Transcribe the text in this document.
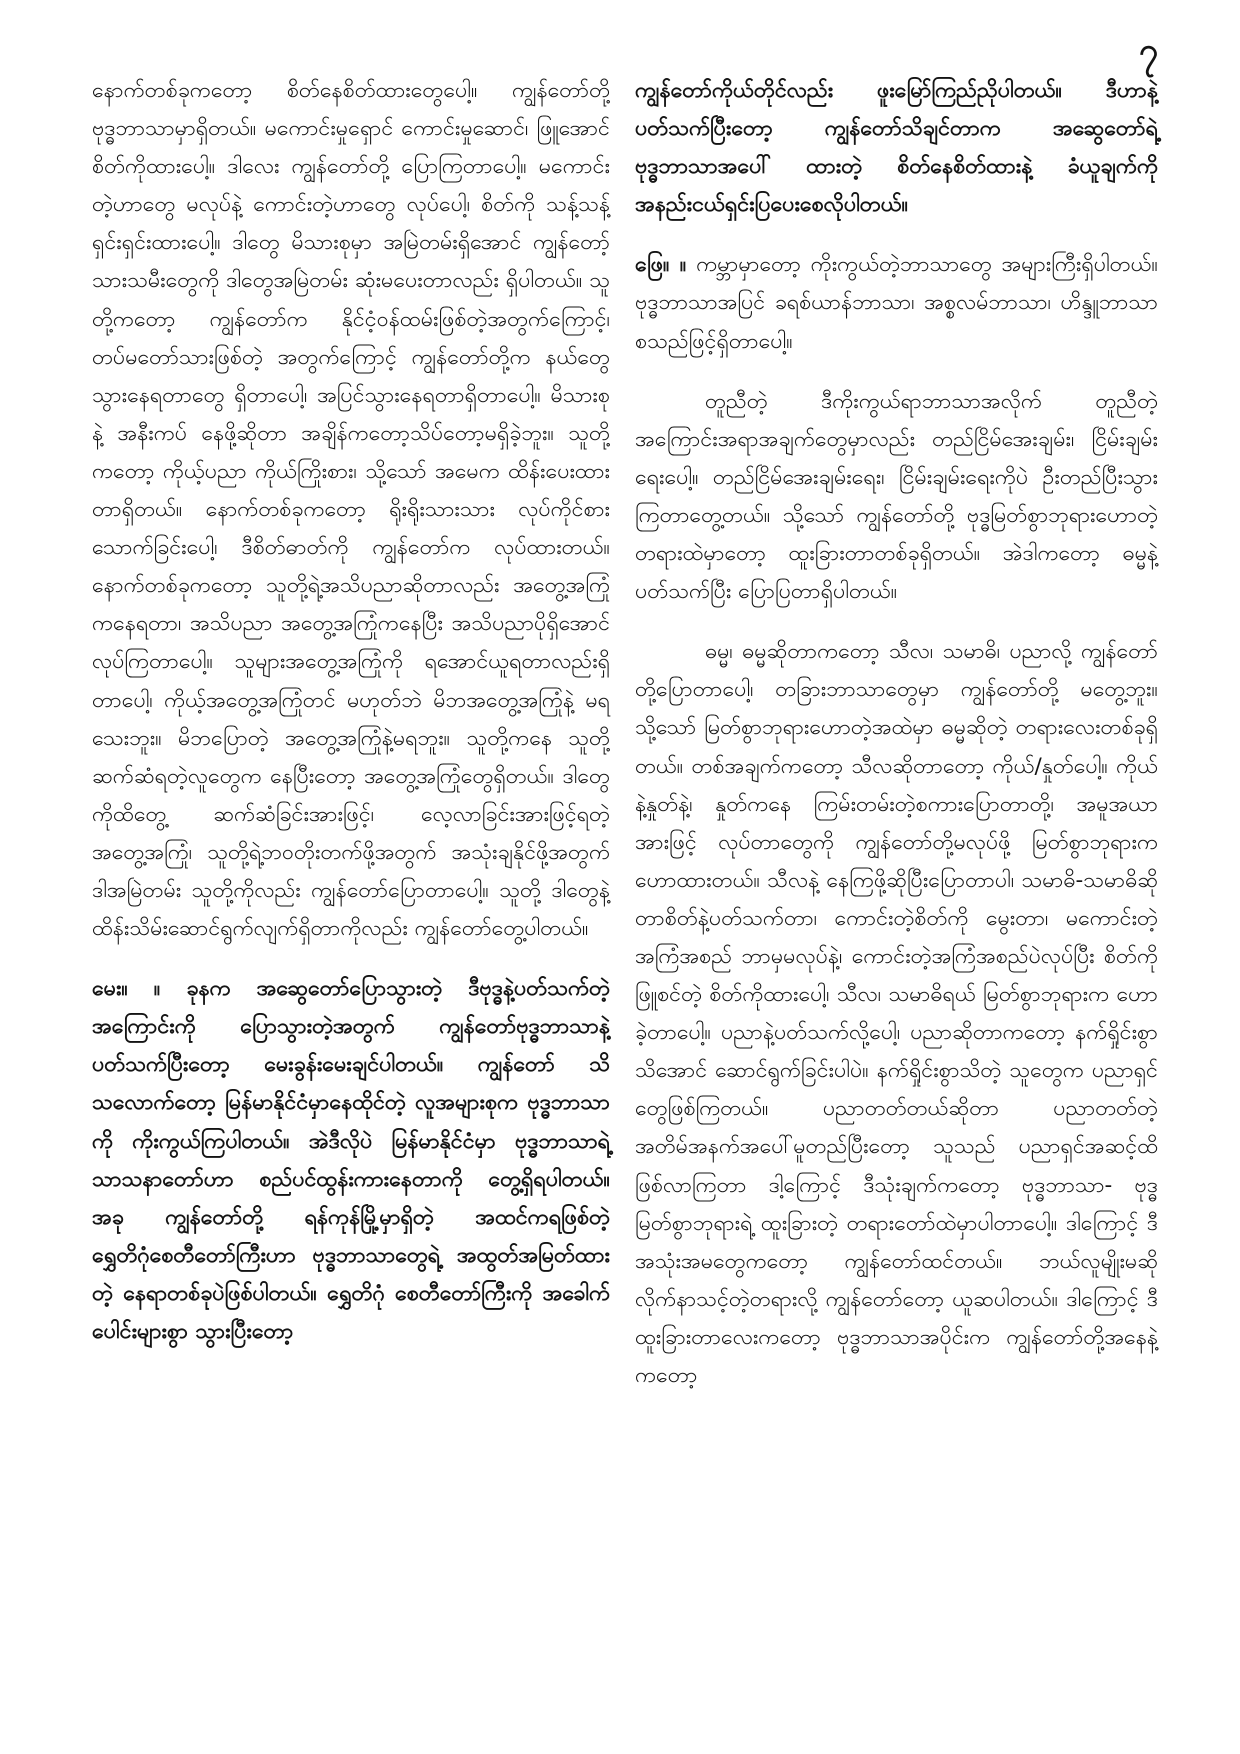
၇

နောက်တစ်ခုကတော့ စိတ်နေစိတ်ထားတွေပေါ့။ ကျွန်တော်တို့ ဗုဒ္ဓဘာသာမှာရှိတယ်။ မကောင်းမှုရှောင် ကောင်းမှုဆောင်၊ ဖြူအောင်စိတ်ကိုထားပေါ့။ ဒါလေး ကျွန်တော်တို့ ပြောကြတာပေါ့။ မကောင်းတဲ့ဟာတွေ မလုပ်နဲ့ ကောင်းတဲ့ဟာတွေ လုပ်ပေါ့၊ စိတ်ကို သန့်သန့်ရှင်းရှင်းထားပေါ့။ ဒါတွေ မိသားစုမှာ အမြဲတမ်းရှိအောင် ကျွန်တော့်သားသမီးတွေကို ဒါတွေအမြဲတမ်း ဆုံးမပေးတာလည်း ရှိပါတယ်။ သူတို့ကတော့ ကျွန်တော်က နိုင်ငံ့ဝန်ထမ်းဖြစ်တဲ့အတွက်ကြောင့်၊ တပ်မတော်သားဖြစ်တဲ့ အတွက်ကြောင့် ကျွန်တော်တို့က နယ်တွေသွားနေရတာတွေ ရှိတာပေါ့၊ အပြင်သွားနေရတာရှိတာပေါ့။ မိသားစုနဲ့ အနီးကပ် နေဖို့ဆိုတာ အချိန်ကတော့သိပ်တော့မရှိခဲ့ဘူး။ သူတို့ကတော့ ကိုယ့်ပညာ ကိုယ်ကြိုးစား၊ သို့သော် အမေက ထိန်းပေးထားတာရှိတယ်။ နောက်တစ်ခုကတော့ ရိုးရိုးသားသား လုပ်ကိုင်စားသောက်ခြင်းပေါ့၊ ဒီစိတ်ဓာတ်ကို ကျွန်တော်က လုပ်ထားတယ်။ နောက်တစ်ခုကတော့ သူတို့ရဲ့အသိပညာဆိုတာလည်း အတွေ့အကြုံကနေရတာ၊ အသိပညာ အတွေ့အကြုံကနေပြီး အသိပညာပိုရှိအောင် လုပ်ကြတာပေါ့။ သူများအတွေ့အကြုံကို ရအောင်ယူရတာလည်းရှိတာပေါ့၊ ကိုယ့်အတွေ့အကြုံတင် မဟုတ်ဘဲ မိဘအတွေ့အကြုံနဲ့ မရသေးဘူး။ မိဘပြောတဲ့ အတွေ့အကြုံနဲ့မရဘူး။ သူတို့ကနေ သူတို့ဆက်ဆံရတဲ့လူတွေက နေပြီးတော့ အတွေ့အကြုံတွေရှိတယ်။ ဒါတွေကိုထိတွေ့ ဆက်ဆံခြင်းအားဖြင့်၊ လေ့လာခြင်းအားဖြင့်ရတဲ့ အတွေ့အကြုံ၊ သူတို့ရဲ့ဘဝတိုးတက်ဖို့အတွက် အသုံးချနိုင်ဖို့အတွက် ဒါအမြဲတမ်း သူတို့ကိုလည်း ကျွန်တော်ပြောတာပေါ့။ သူတို့ ဒါတွေနဲ့ ထိန်းသိမ်းဆောင်ရွက်လျက်ရှိတာကိုလည်း ကျွန်တော်တွေ့ပါတယ်။

မေး။ ။ ခုနက အဆွေတော်ပြောသွားတဲ့ ဒီဗုဒ္ဓနဲ့ပတ်သက်တဲ့ အကြောင်းကို ပြောသွားတဲ့အတွက် ကျွန်တော်ဗုဒ္ဓဘာသာနဲ့ ပတ်သက်ပြီးတော့ မေးခွန်းမေးချင်ပါတယ်။ ကျွန်တော် သိသလောက်တော့ မြန်မာနိုင်ငံမှာနေထိုင်တဲ့ လူအများစုက ဗုဒ္ဓဘာသာကို ကိုးကွယ်ကြပါတယ်။ အဲဒီလိုပဲ မြန်မာနိုင်ငံမှာ ဗုဒ္ဓဘာသာရဲ့ သာသနာတော်ဟာ စည်ပင်ထွန်းကားနေတာကို တွေ့ရှိရပါတယ်။ အခု ကျွန်တော်တို့ ရန်ကုန်မြို့မှာရှိတဲ့ အထင်ကရဖြစ်တဲ့ ရွှေတိဂုံစေတီတော်ကြီးဟာ ဗုဒ္ဓဘာသာတွေရဲ့ အထွတ်အမြတ်ထားတဲ့ နေရာတစ်ခုပဲဖြစ်ပါတယ်။ ရွှေတိဂုံ စေတီတော်ကြီးကို အခေါက်ပေါင်းများစွာ သွားပြီးတော့

ကျွန်တော်ကိုယ်တိုင်လည်း ဖူးမြော်ကြည်ညိုပါတယ်။ ဒီဟာနဲ့ ပတ်သက်ပြီးတော့ ကျွန်တော်သိချင်တာက အဆွေတော်ရဲ့ ဗုဒ္ဓဘာသာအပေါ် ထားတဲ့ စိတ်နေစိတ်ထားနဲ့ ခံယူချက်ကို အနည်းငယ်ရှင်းပြပေးစေလိုပါတယ်။

ဖြေ။ ။ ကမ္ဘာမှာတော့ ကိုးကွယ်တဲ့ဘာသာတွေ အများကြီးရှိပါတယ်။ ဗုဒ္ဓဘာသာအပြင် ခရစ်ယာန်ဘာသာ၊ အစ္စလမ်ဘာသာ၊ ဟိန္ဒူဘာသာ စသည်ဖြင့်ရှိတာပေါ့။

တူညီတဲ့ ဒီကိုးကွယ်ရာဘာသာအလိုက် တူညီတဲ့ အကြောင်းအရာအချက်တွေမှာလည်း တည်ငြိမ်အေးချမ်း၊ ငြိမ်းချမ်းရေးပေါ့။ တည်ငြိမ်အေးချမ်းရေး၊ ငြိမ်းချမ်းရေးကိုပဲ ဦးတည်ပြီးသွားကြတာတွေ့တယ်။ သို့သော် ကျွန်တော်တို့ ဗုဒ္ဓမြတ်စွာဘုရားဟောတဲ့ တရားထဲမှာတော့ ထူးခြားတာတစ်ခုရှိတယ်။ အဲဒါကတော့ ဓမ္မနဲ့ပတ်သက်ပြီး ပြောပြတာရှိပါတယ်။

ဓမ္မ၊ ဓမ္မဆိုတာကတော့ သီလ၊ သမာဓိ၊ ပညာလို့ ကျွန်တော်တို့ပြောတာပေါ့၊ တခြားဘာသာတွေမှာ ကျွန်တော်တို့ မတွေ့ဘူး။ သို့သော် မြတ်စွာဘုရားဟောတဲ့အထဲမှာ ဓမ္မဆိုတဲ့ တရားလေးတစ်ခုရှိတယ်။ တစ်အချက်ကတော့ သီလဆိုတာတော့ ကိုယ်/နှုတ်ပေါ့။ ကိုယ်နဲ့နှုတ်နဲ့၊ နှုတ်ကနေ ကြမ်းတမ်းတဲ့စကားပြောတာတို့၊ အမူအယာအားဖြင့် လုပ်တာတွေကို ကျွန်တော်တို့မလုပ်ဖို့ မြတ်စွာဘုရားက ဟောထားတယ်။ သီလနဲ့ နေကြဖို့ဆိုပြီးပြောတာပါ၊ သမာဓိ-သမာဓိဆိုတာစိတ်နဲ့ပတ်သက်တာ၊ ကောင်းတဲ့စိတ်ကို မွေးတာ၊ မကောင်းတဲ့အကြံအစည် ဘာမှမလုပ်နဲ့၊ ကောင်းတဲ့အကြံအစည်ပဲလုပ်ပြီး စိတ်ကိုဖြူစင်တဲ့ စိတ်ကိုထားပေါ့၊ သီလ၊ သမာဓိရယ် မြတ်စွာဘုရားက ဟောခဲ့တာပေါ့။ ပညာနဲ့ပတ်သက်လို့ပေါ့၊ ပညာဆိုတာကတော့ နက်ရှိုင်းစွာသိအောင် ဆောင်ရွက်ခြင်းပါပဲ။ နက်ရှိုင်းစွာသိတဲ့ သူတွေက ပညာရှင်တွေဖြစ်ကြတယ်။ ပညာတတ်တယ်ဆိုတာ ပညာတတ်တဲ့ အတိမ်အနက်အပေါ်မူတည်ပြီးတော့ သူသည် ပညာရှင်အဆင့်ထိ ဖြစ်လာကြတာ ဒါ့ကြောင့် ဒီသုံးချက်ကတော့ ဗုဒ္ဓဘာသာ- ဗုဒ္ဓမြတ်စွာဘုရားရဲ့ ထူးခြားတဲ့ တရားတော်ထဲမှာပါတာပေါ့။ ဒါကြောင့် ဒီအသုံးအမတွေကတော့ ကျွန်တော်ထင်တယ်။ ဘယ်လူမျိုးမဆို လိုက်နာသင့်တဲ့တရားလို့ ကျွန်တော်တော့ ယူဆပါတယ်။ ဒါကြောင့် ဒီထူးခြားတာလေးကတော့ ဗုဒ္ဓဘာသာအပိုင်းက ကျွန်တော်တို့အနေနဲ့ကတော့
